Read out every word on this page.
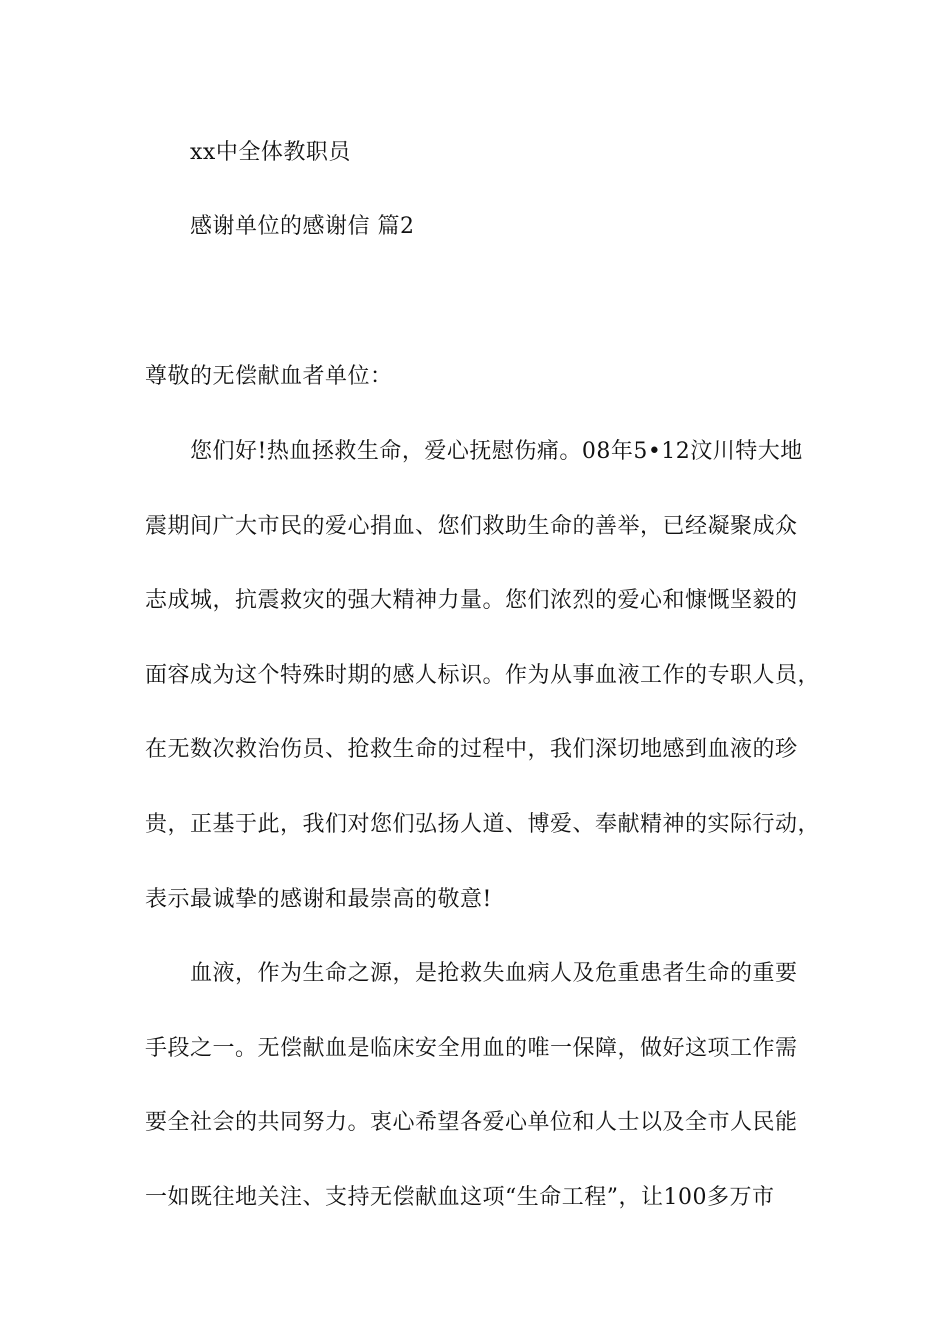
xx中全体教职员
感谢单位的感谢信 篇2
尊敬的无偿献血者单位：
您们好!热血拯救生命，爱心抚慰伤痛。08年5•12汶川特大地
震期间广大市民的爱心捐血、您们救助生命的善举，已经凝聚成众
志成城，抗震救灾的强大精神力量。您们浓烈的爱心和慷慨坚毅的
面容成为这个特殊时期的感人标识。作为从事血液工作的专职人员，
在无数次救治伤员、抢救生命的过程中，我们深切地感到血液的珍
贵，正基于此，我们对您们弘扬人道、博爱、奉献精神的实际行动，
表示最诚挚的感谢和最崇高的敬意!
血液，作为生命之源，是抢救失血病人及危重患者生命的重要
手段之一。无偿献血是临床安全用血的唯一保障，做好这项工作需
要全社会的共同努力。衷心希望各爱心单位和人士以及全市人民能
一如既往地关注、支持无偿献血这项“生命工程”，让100多万市
